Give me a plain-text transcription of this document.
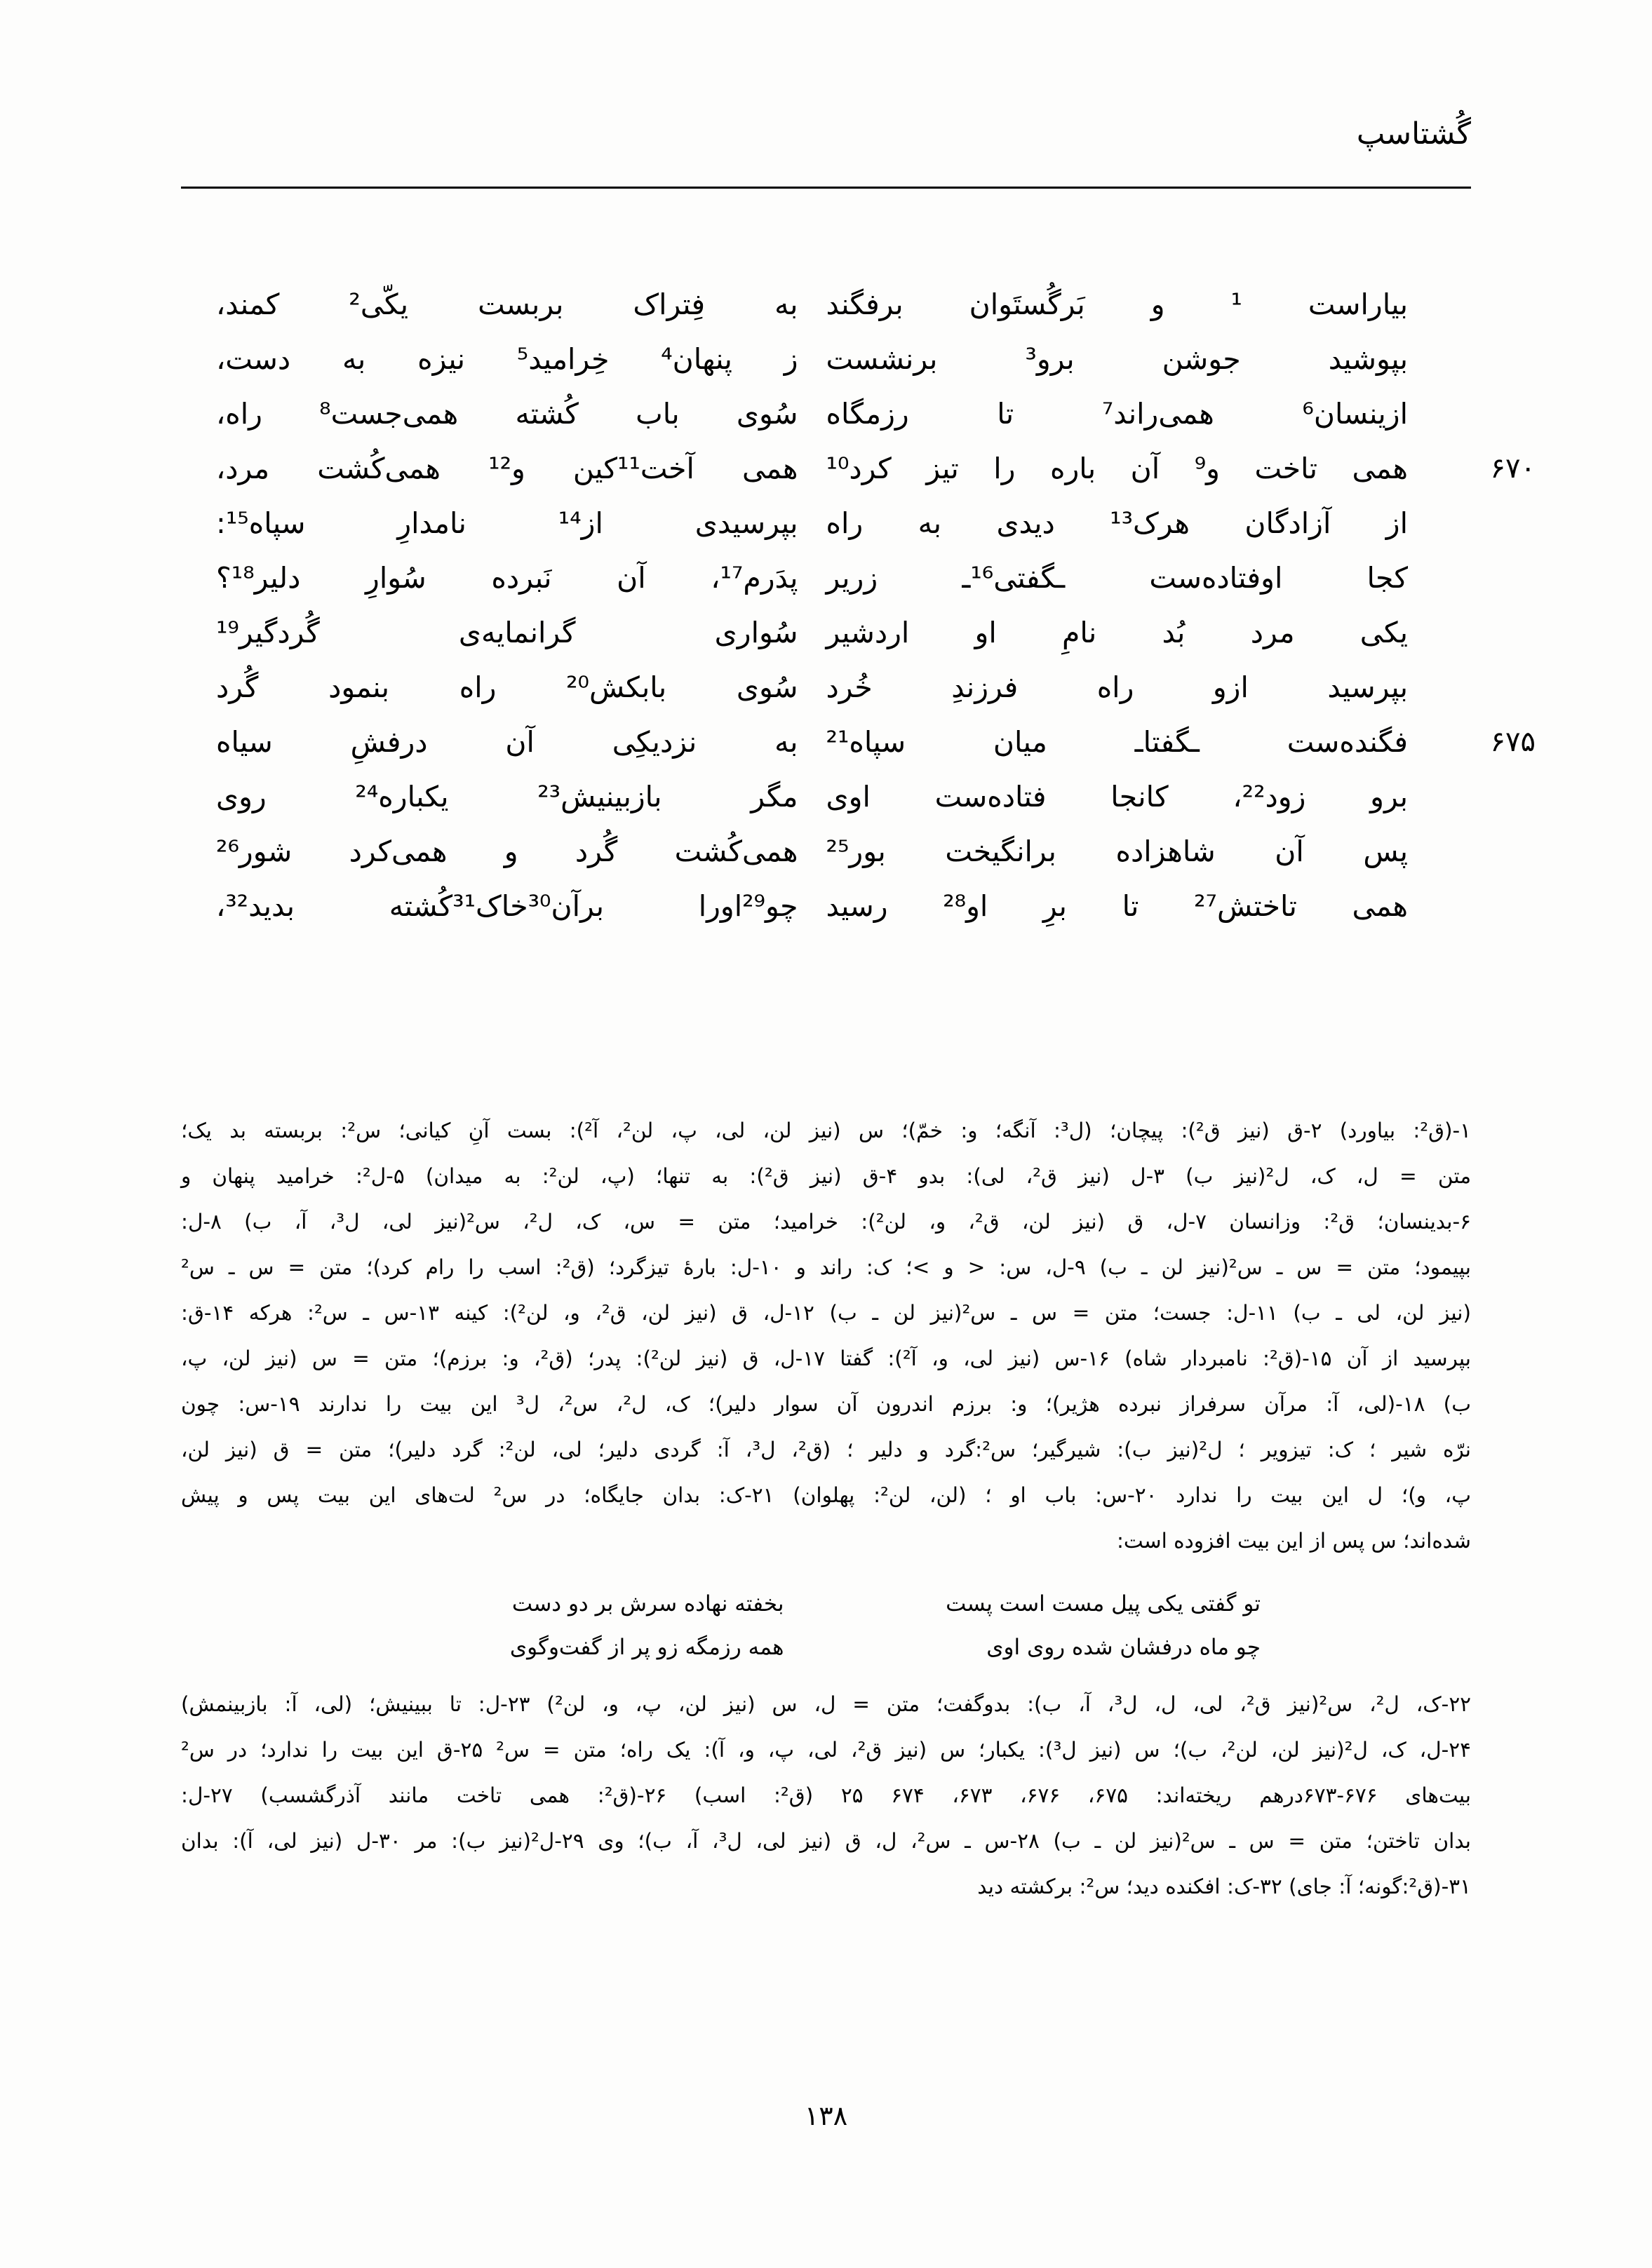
گُشتاسپ
بیاراست
¹
و
بَرگُستَوان
برفگند
به
فِتراک
بربست
یکّی²
کمند،
بپوشید
جوشن
برو³
برنشست
ز
پنهان⁴
خِرامید⁵
نیزه
به
دست،
ازینسان⁶
همی‌راند⁷
تا
رزمگاه
سُوی
باب
کُشته
همی‌جست⁸
راه،
همی
تاخت
و⁹
آن
باره
را
تیز
کرد¹⁰	۶۷۰
همی
آخت¹¹کین
و¹²
همی‌کُشت
مرد،
از
آزادگان
هرک¹³
دیدی
به
راه
بپرسیدی
از¹⁴
نامدارِ
سپاه¹⁵:
کجا
اوفتاده‌ست
ـگفتی¹⁶ـ
زریر
پدَرم¹⁷،
آن
نَبرده
سُوارِ
دلیر¹⁸؟
یکی
مرد
بُد
نامِ
او
اردشیر
سُواری
گرانمایه‌ی
گُردگیر¹⁹
بپرسید
ازو
راه
فرزندِ
خُرد
سُوی
بابکش²⁰
راه
بنمود
گُرد
فگنده‌ست
ـگفتاـ
میان
سپاه²¹	۶۷۵
به
نزدیکِی
آن
درفشِ
سیاه
برو
زود²²،
کانجا
فتاده‌ست
اوی
مگر
بازبینیش²³
یکباره²⁴
روی
پس
آن
شاهزاده
برانگیخت
بور²⁵
همی‌کُشت
گُرد
و
همی‌کرد
شور²⁶
همی
تاختش²⁷
تا
برِ
او²⁸
رسید
چو²⁹اورا
برآن³⁰خاک³¹کُشته
بدید³²،

۱-(ق²: بیاورد) ۲-ق (نیز ق²): پیچان؛ (ل³: آنگه؛ و: خمّ)؛ س (نیز لن، لی، پ، لن²، آ²): بست آنِ کیانی؛ س²: بربسته بد یک؛

متن = ل، ک، ل²(نیز ب) ۳-ل (نیز ق²، لی): بدو ۴-ق (نیز ق²): به تنها؛ (پ، لن²: به میدان) ۵-ل²: خرامید پنهان و

۶-بدینسان؛ ق²: وزانسان ۷-ل، ق (نیز لن، ق²، و، لن²): خرامید؛ متن = س، ک، ل²، س²(نیز لی، ل³، آ، ب) ۸-ل:

بپیمود؛ متن = س ـ س²(نیز لن ـ ب) ۹-ل، س: < و >؛ ک: راند و ۱۰-ل: بارهٔ تیزگرد؛ (ق²: اسب را رام کرد)؛ متن = س ـ س²

(نیز لن، لی ـ ب) ۱۱-ل: جست؛ متن = س ـ س²(نیز لن ـ ب) ۱۲-ل، ق (نیز لن، ق²، و، لن²): کینه ۱۳-س ـ س²: هرکه ۱۴-ق:

بپرسید از آن ۱۵-(ق²: نامبردار شاه) ۱۶-س (نیز لی، و، آ²): گفتا ۱۷-ل، ق (نیز لن²): پدر؛ (ق²، و: برزم)؛ متن = س (نیز لن، پ،

ب) ۱۸-(لی، آ: مرآن سرفراز نبرده هژیر)؛ و: برزم اندرون آن سوار دلیر)؛ ک، ل²، س²، ل³ این بیت را ندارند ۱۹-س: چون

نرّه شیر ؛ ک: تیزویر ؛ ل²(نیز ب): شیرگیر؛ س²:گرد و دلیر ؛ (ق²، ل³، آ: گردی دلیر؛ لی، لن²: گرد دلیر)؛ متن = ق (نیز لن،

پ، و)؛ ل این بیت را ندارد ۲۰-س: باب او ؛ (لن، لن²: پهلوان) ۲۱-ک: بدان جایگاه؛ در س² لت‌های این بیت پس و پیش

شده‌اند؛ س پس از این بیت افزوده است:

تو گفتی یکی پیل مست است پست
بخفته نهاده سرش بر دو دست
چو ماه درفشان شده روی اوی
همه رزمگه زو پر از گفت‌وگوی

۲۲-ک، ل²، س²(نیز ق²، لی، ل، ل³، آ، ب): بدوگفت؛ متن = ل، س (نیز لن، پ، و، لن²) ۲۳-ل: تا ببینیش؛ (لی، آ: بازبینمش)

۲۴-ل، ک، ل²(نیز لن، لن²، ب)؛ س (نیز ل³): یکبار؛ س (نیز ق²، لی، پ، و، آ): یک راه؛ متن = س² ۲۵-ق این بیت را ندارد؛ در س²

بیت‌های ۶۷۶-۶۷۳درهم ریخته‌اند: ۶۷۵، ۶۷۶، ۶۷۳، ۶۷۴ ۲۵ (ق²: اسب) ۲۶-(ق²: همی تاخت مانند آذرگشسب) ۲۷-ل:

بدان تاختن؛ متن = س ـ س²(نیز لن ـ ب) ۲۸-س ـ س²، ل، ق (نیز لی، ل³، آ، ب)؛ وی ۲۹-ل²(نیز ب): مر ۳۰-ل (نیز لی، آ): بدان

۳۱-(ق²:گونه؛ آ: جای) ۳۲-ک: افکنده دید؛ س²: برکشته دید

۱۳۸
